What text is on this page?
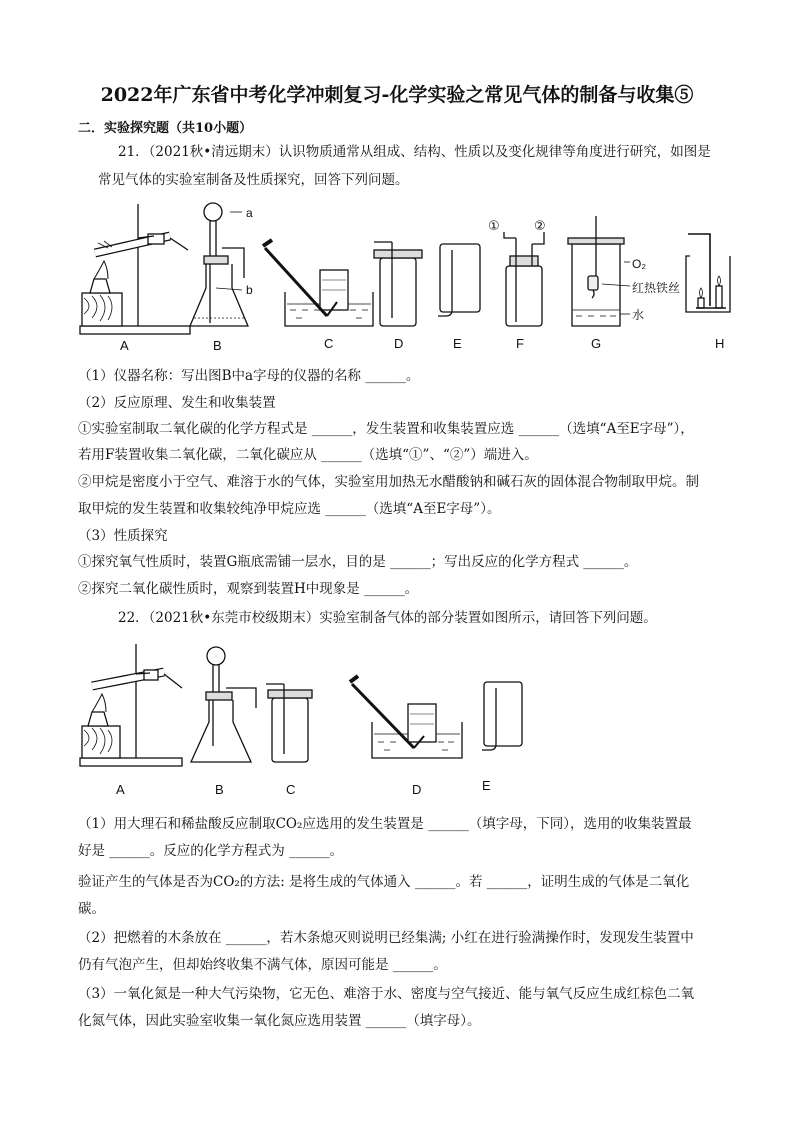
2022年广东省中考化学冲刺复习-化学实验之常见气体的制备与收集⑤
二．实验探究题（共10小题）
21．（2021秋•清远期末）认识物质通常从组成、结构、性质以及变化规律等角度进行研究，如图是
常见气体的实验室制备及性质探究，回答下列问题。
A
a
b
B	C	D	E
①	②
F
O₂
红热铁丝
水
G	H
（1）仪器名称：写出图B中a字母的仪器的名称 ______。
（2）反应原理、发生和收集装置
①实验室制取二氧化碳的化学方程式是 ______，发生装置和收集装置应选 ______（选填“A至E字母”），
若用F装置收集二氧化碳，二氧化碳应从 ______（选填“①”、“②”）端进入。
②甲烷是密度小于空气、难溶于水的气体，实验室用加热无水醋酸钠和碱石灰的固体混合物制取甲烷。制
取甲烷的发生装置和收集较纯净甲烷应选 ______（选填“A至E字母”）。
（3）性质探究
①探究氧气性质时，装置G瓶底需铺一层水，目的是 ______；写出反应的化学方程式 ______。
②探究二氧化碳性质时，观察到装置H中现象是 ______。
22．（2021秋•东莞市校级期末）实验室制备气体的部分装置如图所示，请回答下列问题。
A	B	C	D	E
（1）用大理石和稀盐酸反应制取CO₂应选用的发生装置是 ______（填字母，下同），选用的收集装置最
好是 ______。反应的化学方程式为 ______。
验证产生的气体是否为CO₂的方法: 是将生成的气体通入 ______。若 ______，证明生成的气体是二氧化
碳。
（2）把燃着的木条放在 ______，若木条熄灭则说明已经集满; 小红在进行验满操作时，发现发生装置中
仍有气泡产生，但却始终收集不满气体，原因可能是 ______。
（3）一氧化氮是一种大气污染物，它无色、难溶于水、密度与空气接近、能与氧气反应生成红棕色二氧
化氮气体，因此实验室收集一氧化氮应选用装置 ______（填字母）。
